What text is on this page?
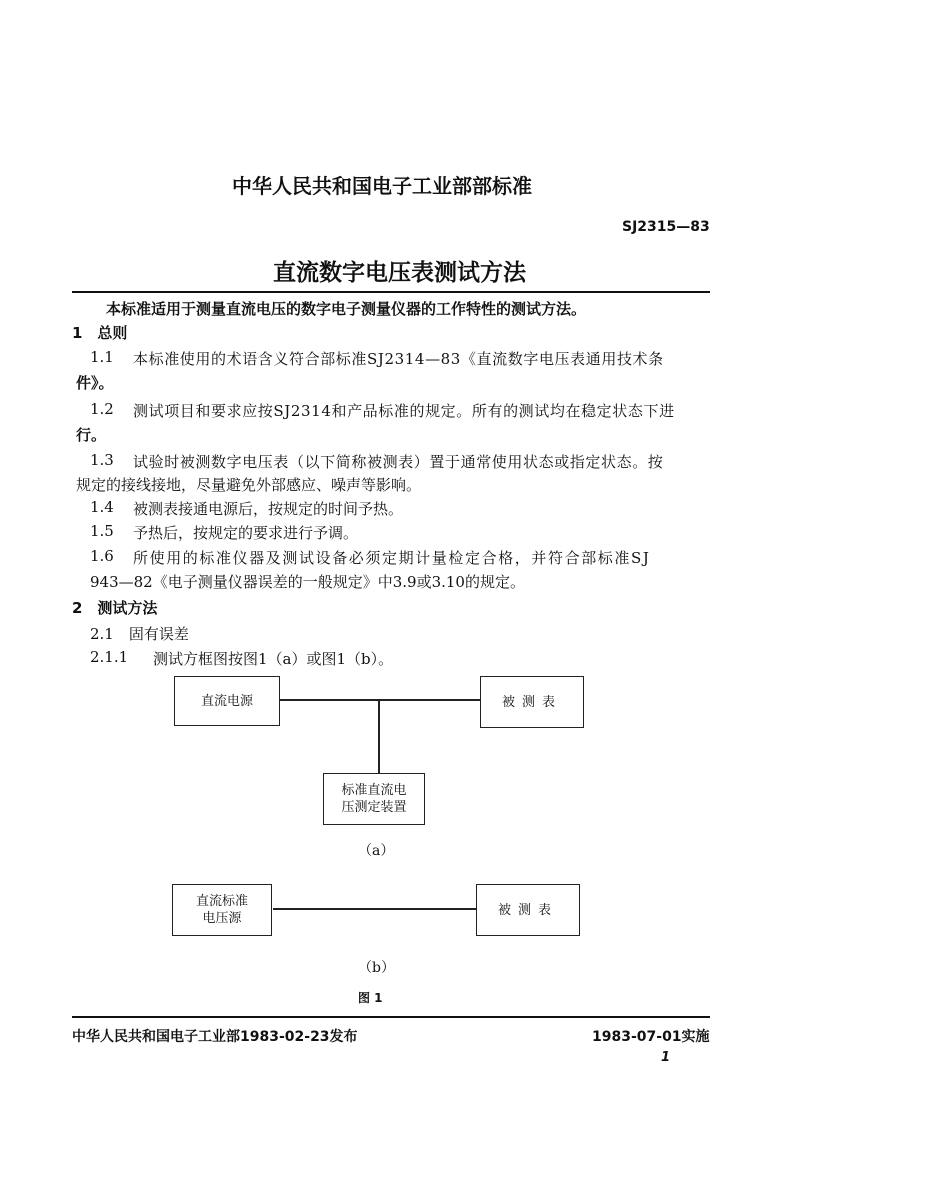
中华人民共和国电子工业部部标准
SJ2315—83
直流数字电压表测试方法
本标准适用于测量直流电压的数字电子测量仪器的工作特性的测试方法。
1　总则
1.1 本标准使用的术语含义符合部标准SJ2314—83《直流数字电压表通用技术条
件》。
1.2 测试项目和要求应按SJ2314和产品标准的规定。所有的测试均在稳定状态下进
行。
1.3 试验时被测数字电压表（以下简称被测表）置于通常使用状态或指定状态。按
规定的接线接地，尽量避免外部感应、噪声等影响。
1.4 被测表接通电源后，按规定的时间予热。
1.5 予热后，按规定的要求进行予调。
1.6 所使用的标准仪器及测试设备必须定期计量检定合格，并符合部标准SJ
943—82《电子测量仪器误差的一般规定》中3.9或3.10的规定。
2　测试方法
2.1　固有误差
2.1.1 测试方框图按图1（a）或图1（b）。
直流电源	被测表
标准直流电压测定装置
（a）
直流标准电压源
被测表
（b）
图 1
中华人民共和国电子工业部1983-02-23发布	1983-07-01实施
1
